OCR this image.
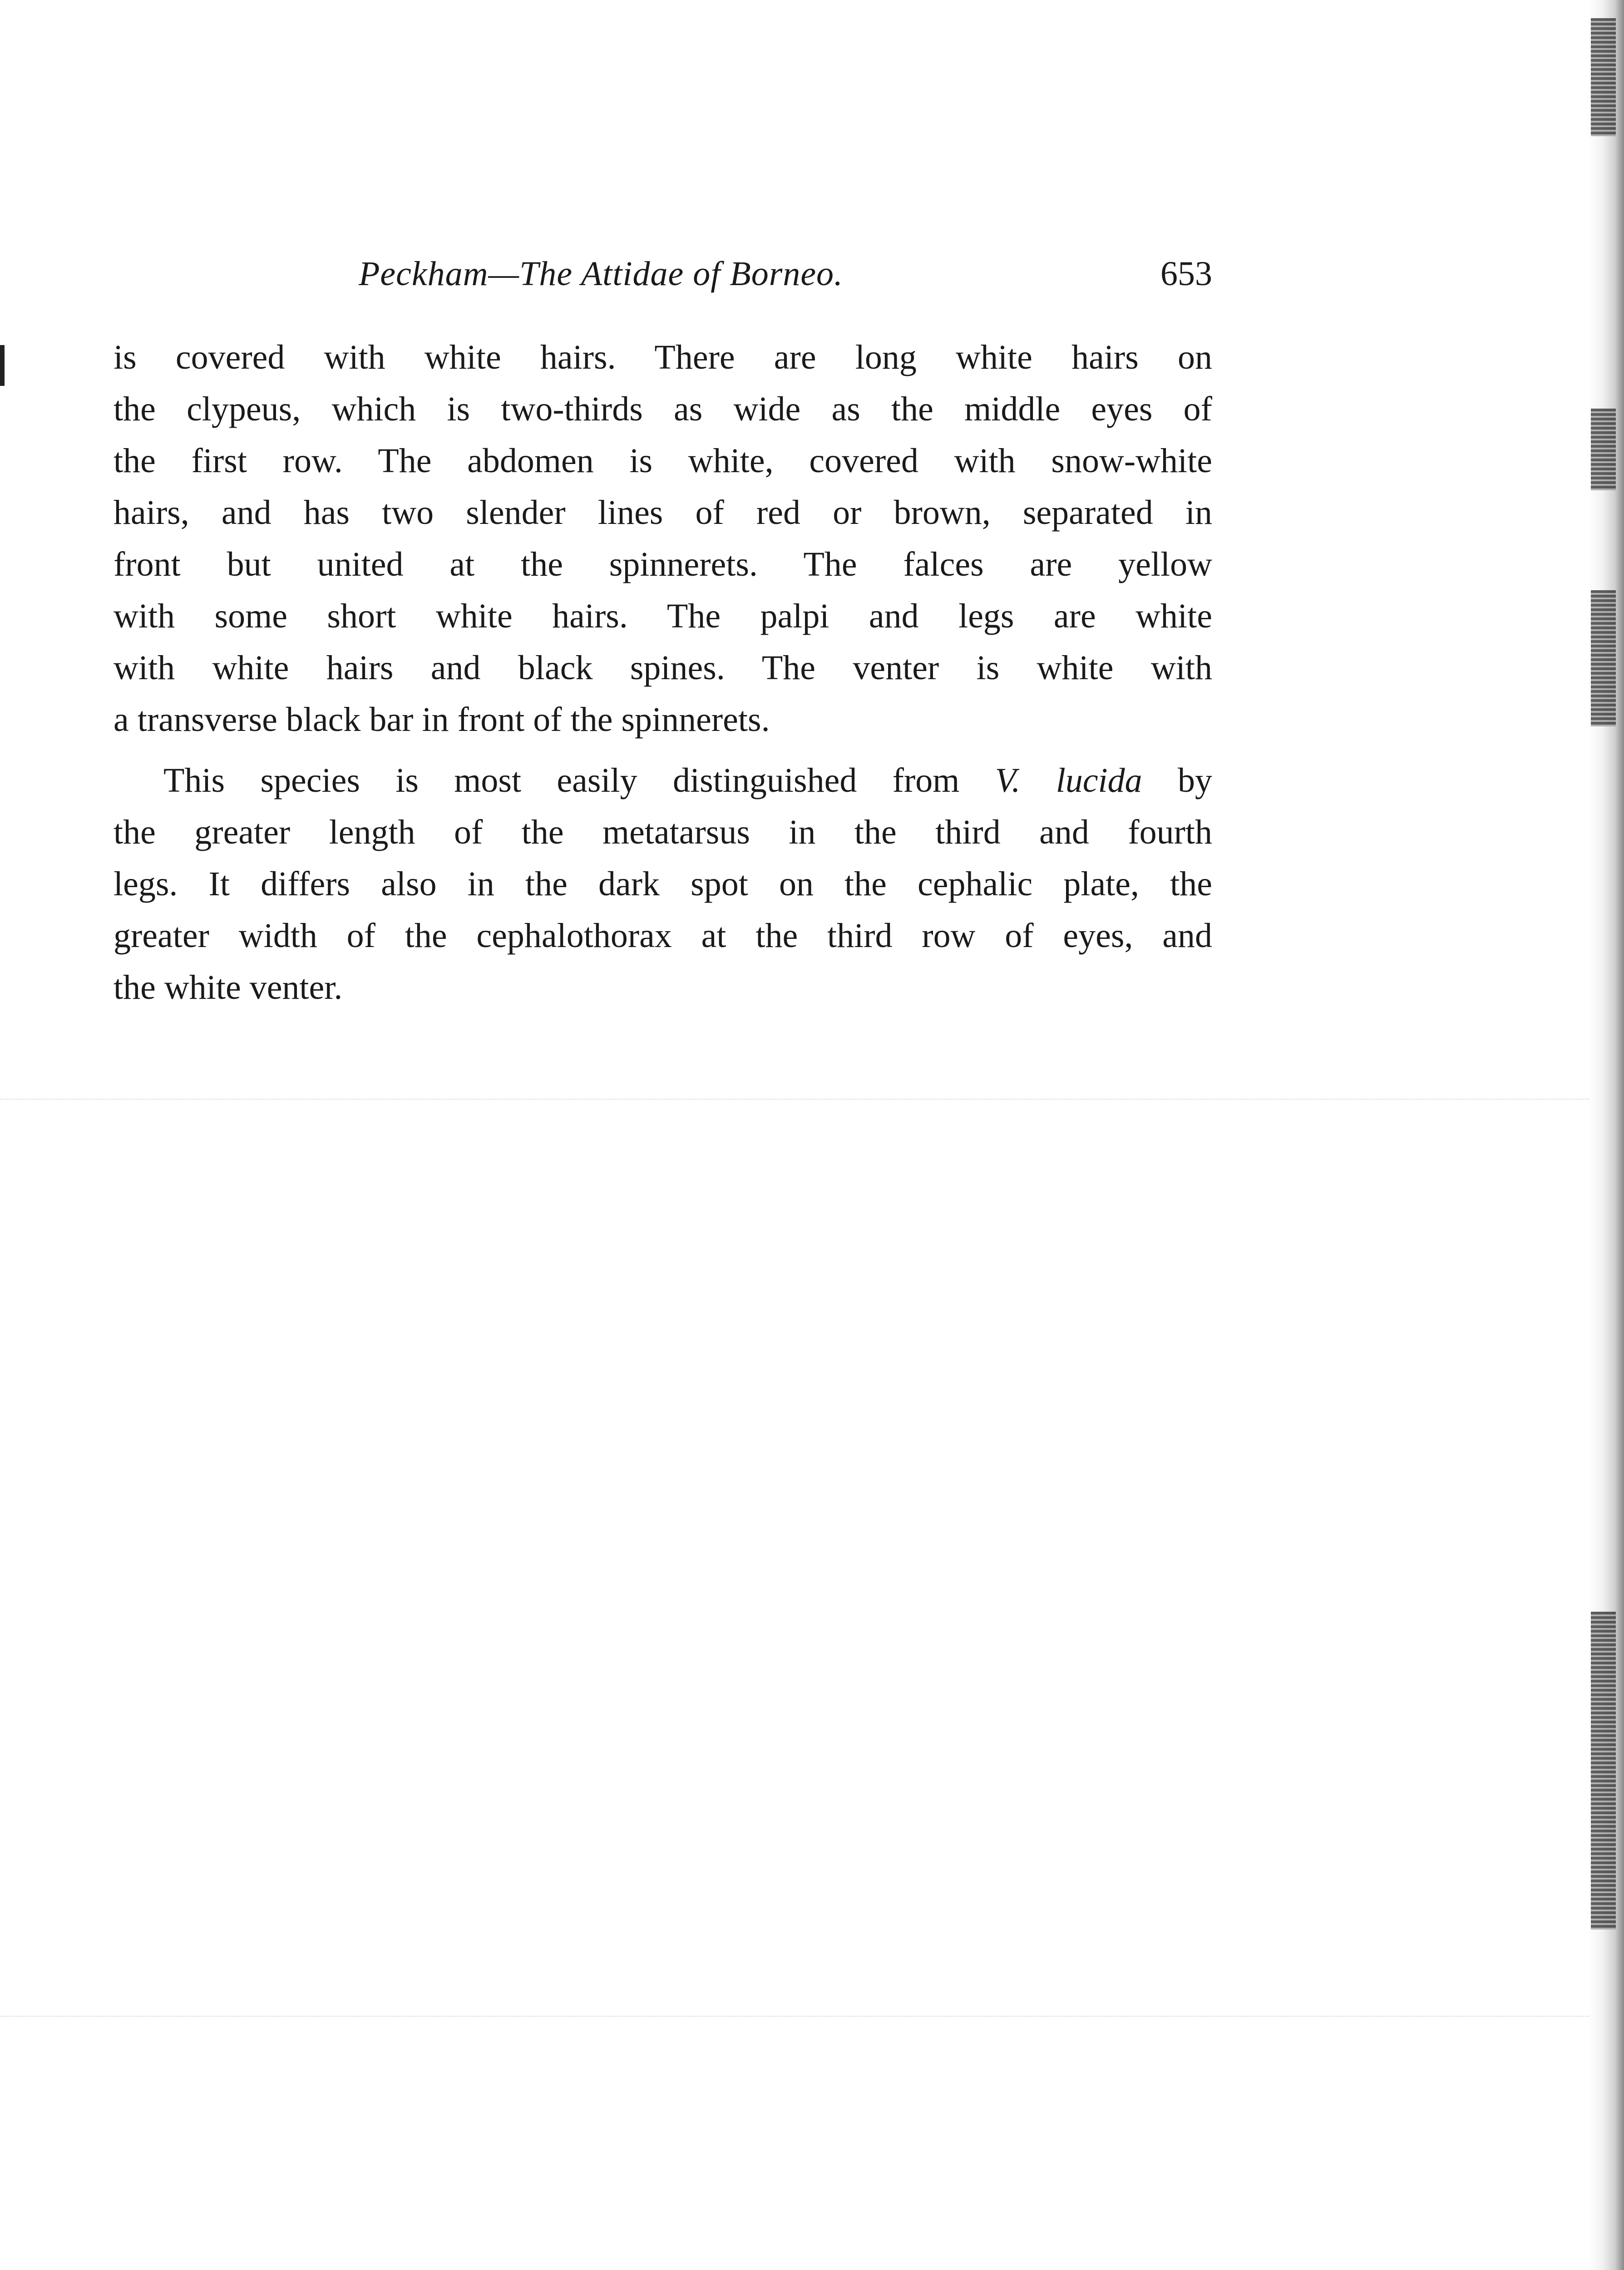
Peckham—The Attidae of Borneo.	653
is covered with white hairs. There are long white hairs on
the clypeus, which is two-thirds as wide as the middle eyes of
the first row. The abdomen is white, covered with snow-white
hairs, and has two slender lines of red or brown, separated in
front but united at the spinnerets. The falces are yellow
with some short white hairs. The palpi and legs are white
with white hairs and black spines. The venter is white with
a transverse black bar in front of the spinnerets.
This species is most easily distinguished from V. lucida by
the greater length of the metatarsus in the third and fourth
legs. It differs also in the dark spot on the cephalic plate, the
greater width of the cephalothorax at the third row of eyes, and
the white venter.
